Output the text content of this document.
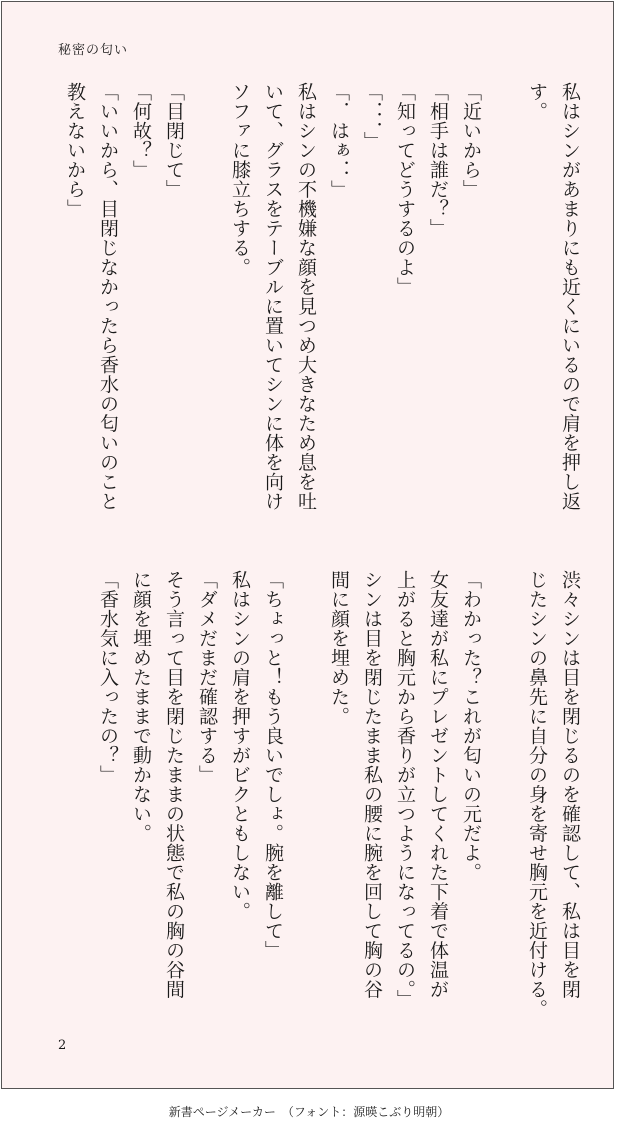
秘密の匂い
私はシンがあまりにも近くにいるので肩を押し返
す。
「近いから」
「相手は誰だ？」
「知ってどうするのよ」
「．．．」
「．はぁ．．」
私はシンの不機嫌な顔を見つめ大きなため息を吐
いて、グラスをテーブルに置いてシンに体を向け
ソファに膝立ちする。
「目閉じて」
「何故？」
「いいから、目閉じなかったら香水の匂いのこと
教えないから」
渋々シンは目を閉じるのを確認して、私は目を閉
じたシンの鼻先に自分の身を寄せ胸元を近付ける。
「わかった？これが匂いの元だよ。
女友達が私にプレゼントしてくれた下着で体温が
上がると胸元から香りが立つようになってるの。」
シンは目を閉じたまま私の腰に腕を回して胸の谷
間に顔を埋めた。
「ちょっと！もう良いでしょ。腕を離して」
私はシンの肩を押すがビクともしない。
「ダメだまだ確認する」
そう言って目を閉じたままの状態で私の胸の谷間
に顔を埋めたままで動かない。
「香水気に入ったの？」
2
新書ページメーカー　（フォント：源暎こぶり明朝）
